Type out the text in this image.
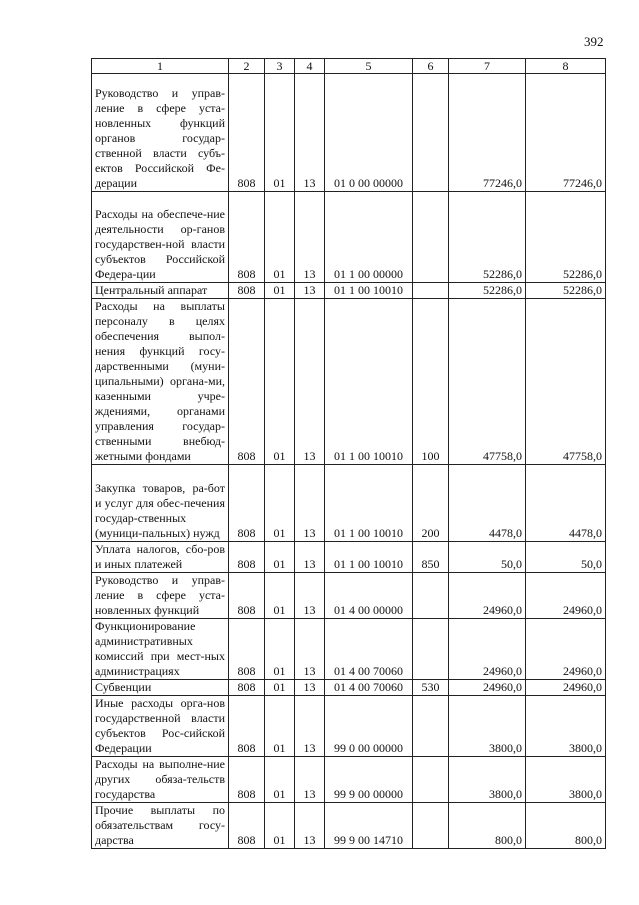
392
1	2	3	4	5	6	7	8
Руководство и управ-ление в сфере уста-новленных функций органов государ-ственной власти субъ-ектов Российской Фе-дерации	808	01	13	01 0 00 00000		77246,0	77246,0
Расходы на обеспече-ние деятельности ор-ганов государствен-ной власти субъектов Российской Федера-ции	808	01	13	01 1 00 00000		52286,0	52286,0
Центральный аппарат	808	01	13	01 1 00 10010		52286,0	52286,0
Расходы на выплаты персоналу в целях обеспечения выпол-нения функций госу-дарственными (муни-ципальными) органа-ми, казенными учре-ждениями, органами управления государ-ственными внебюд-жетными фондами	808	01	13	01 1 00 10010	100	47758,0	47758,0
Закупка товаров, ра-бот и услуг для обес-печения государ-ственных (муници-пальных) нужд	808	01	13	01 1 00 10010	200	4478,0	4478,0
Уплата налогов, сбо-ров и иных платежей	808	01	13	01 1 00 10010	850	50,0	50,0
Руководство и управ-ление в сфере уста-новленных функций	808	01	13	01 4 00 00000		24960,0	24960,0
Функционирование административных комиссий при мест-ных администрациях	808	01	13	01 4 00 70060		24960,0	24960,0
Субвенции	808	01	13	01 4 00 70060	530	24960,0	24960,0
Иные расходы орга-нов государственной власти субъектов Рос-сийской Федерации	808	01	13	99 0 00 00000		3800,0	3800,0
Расходы на выполне-ние других обяза-тельств государства	808	01	13	99 9 00 00000		3800,0	3800,0
Прочие выплаты по обязательствам госу-дарства	808	01	13	99 9 00 14710		800,0	800,0
